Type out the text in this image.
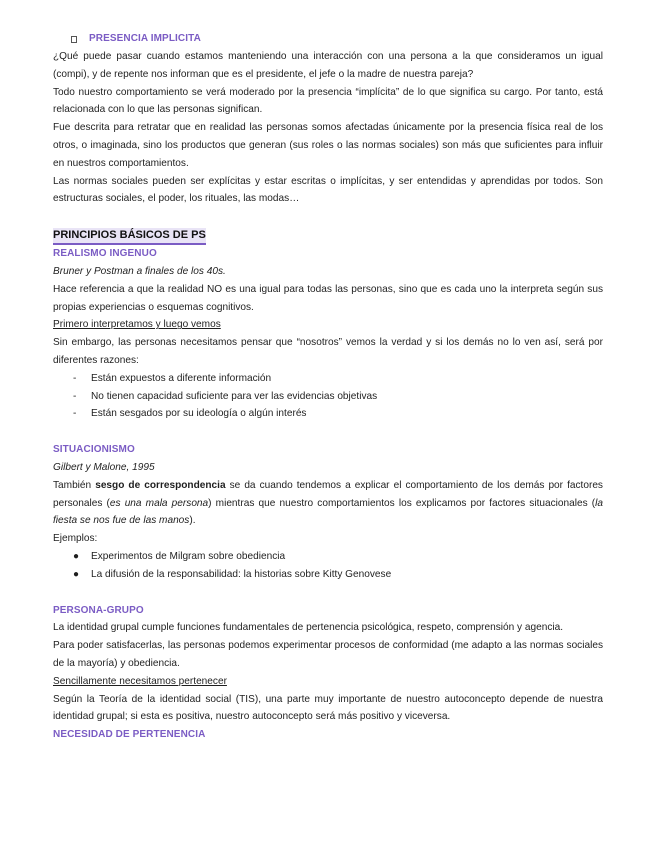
PRESENCIA IMPLICITA

¿Qué puede pasar cuando estamos manteniendo una interacción con una persona a la que consideramos un igual (compi), y de repente nos informan que es el presidente, el jefe o la madre de nuestra pareja?

Todo nuestro comportamiento se verá moderado por la presencia “implícita” de lo que significa su cargo. Por tanto, está relacionada con lo que las personas significan.

Fue descrita para retratar que en realidad las personas somos afectadas únicamente por la presencia física real de los otros, o imaginada, sino los productos que generan (sus roles o las normas sociales) son más que suficientes para influir en nuestros comportamientos.

Las normas sociales pueden ser explícitas y estar escritas o implícitas, y ser entendidas y aprendidas por todos. Son estructuras sociales, el poder, los rituales, las modas…

PRINCIPIOS BÁSICOS DE PS

REALISMO INGENUO

Bruner y Postman a finales de los 40s.

Hace referencia a que la realidad NO es una igual para todas las personas, sino que es cada uno la interpreta según sus propias experiencias o esquemas cognitivos.

Primero interpretamos y luego vemos

Sin embargo, las personas necesitamos pensar que “nosotros” vemos la verdad y si los demás no lo ven así, será por diferentes razones:

- Están expuestos a diferente información
- No tienen capacidad suficiente para ver las evidencias objetivas
- Están sesgados por su ideología o algún interés

SITUACIONISMO

Gilbert y Malone, 1995

También sesgo de correspondencia se da cuando tendemos a explicar el comportamiento de los demás por factores personales (es una mala persona) mientras que nuestro comportamientos los explicamos por factores situacionales (la fiesta se nos fue de las manos).

Ejemplos:

● Experimentos de Milgram sobre obediencia
● La difusión de la responsabilidad: la historias sobre Kitty Genovese

PERSONA-GRUPO

La identidad grupal cumple funciones fundamentales de pertenencia psicológica, respeto, comprensión y agencia.

Para poder satisfacerlas, las personas podemos experimentar procesos de conformidad (me adapto a las normas sociales de la mayoría) y obediencia.

Sencillamente necesitamos pertenecer

Según la Teoría de la identidad social (TIS), una parte muy importante de nuestro autoconcepto depende de nuestra identidad grupal; si esta es positiva, nuestro autoconcepto será más positivo y viceversa.

NECESIDAD DE PERTENENCIA
